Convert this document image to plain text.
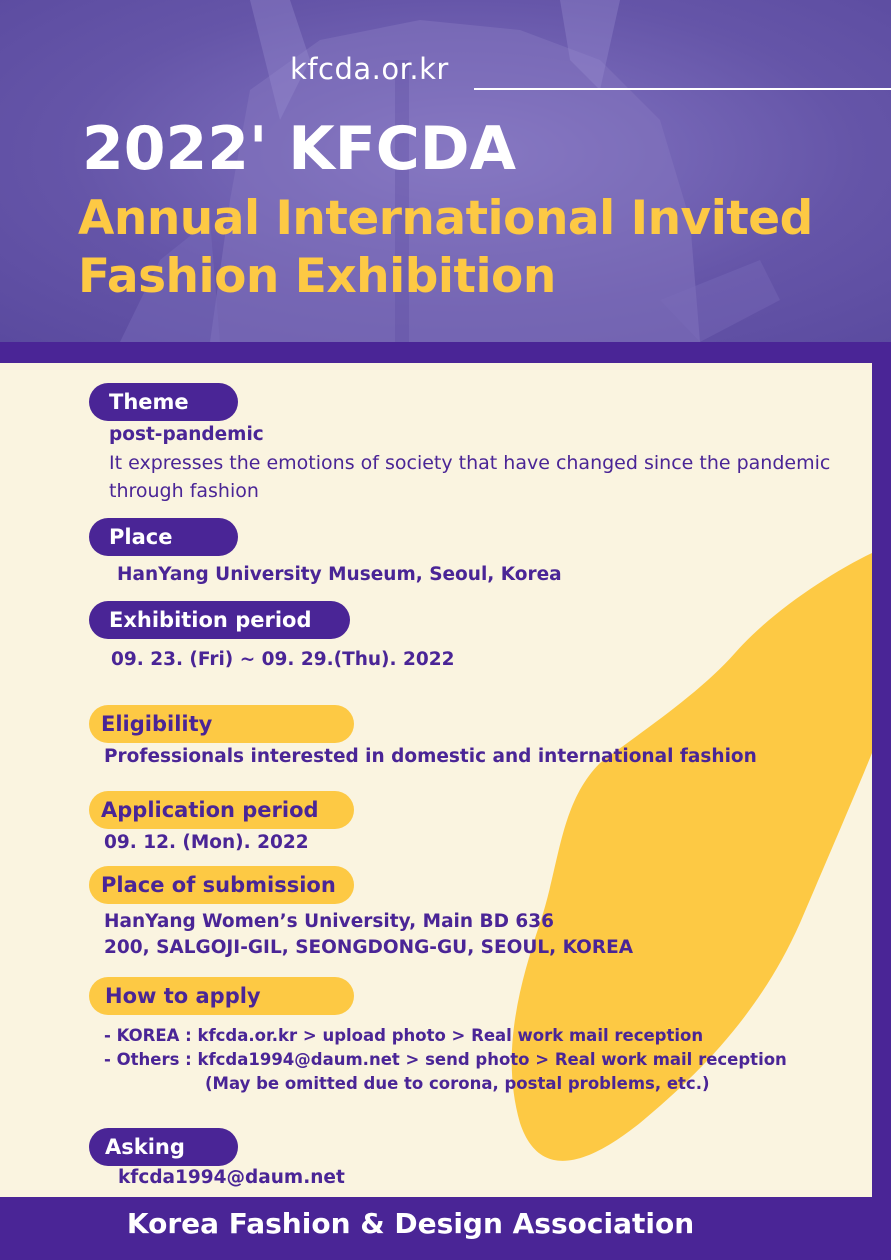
kfcda.or.kr
2022' KFCDA
Annual International Invited
Fashion Exhibition
Theme
post-pandemic
It expresses the emotions of society that have changed since the pandemic through fashion
Place
HanYang University Museum, Seoul, Korea
Exhibition period
09. 23. (Fri) ~ 09. 29.(Thu). 2022
Eligibility
Professionals interested in domestic and international fashion
Application period
09. 12. (Mon). 2022
Place of submission
HanYang Women’s University, Main BD 636
200, SALGOJI-GIL, SEONGDONG-GU, SEOUL, KOREA
How to apply
- KOREA : kfcda.or.kr > upload photo > Real work mail reception
- Others : kfcda1994@daum.net > send photo > Real work mail reception
(May be omitted due to corona, postal problems, etc.)
Asking
kfcda1994@daum.net
Korea Fashion & Design Association
